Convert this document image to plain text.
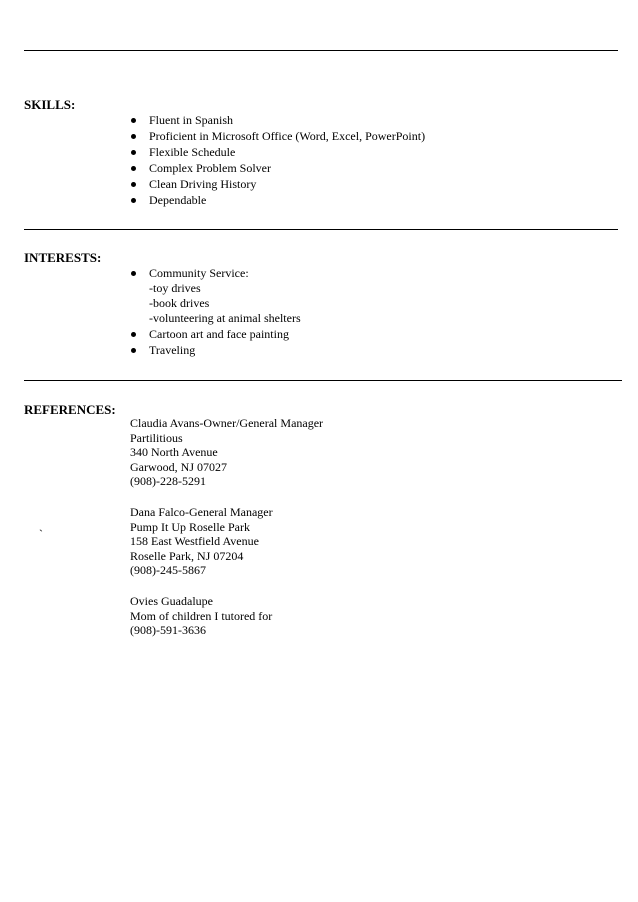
SKILLS:
Fluent in Spanish
Proficient in Microsoft Office (Word, Excel, PowerPoint)
Flexible Schedule
Complex Problem Solver
Clean Driving History
Dependable
INTERESTS:
Community Service:
-toy drives
-book drives
-volunteering at animal shelters
Cartoon art and face painting
Traveling
REFERENCES:
Claudia Avans-Owner/General Manager
Partilitious
340 North Avenue
Garwood, NJ 07027
(908)-228-5291
Dana Falco-General Manager
Pump It Up Roselle Park
158 East Westfield Avenue
Roselle Park, NJ 07204
(908)-245-5867
Ovies Guadalupe
Mom of children I tutored for
(908)-591-3636
`
